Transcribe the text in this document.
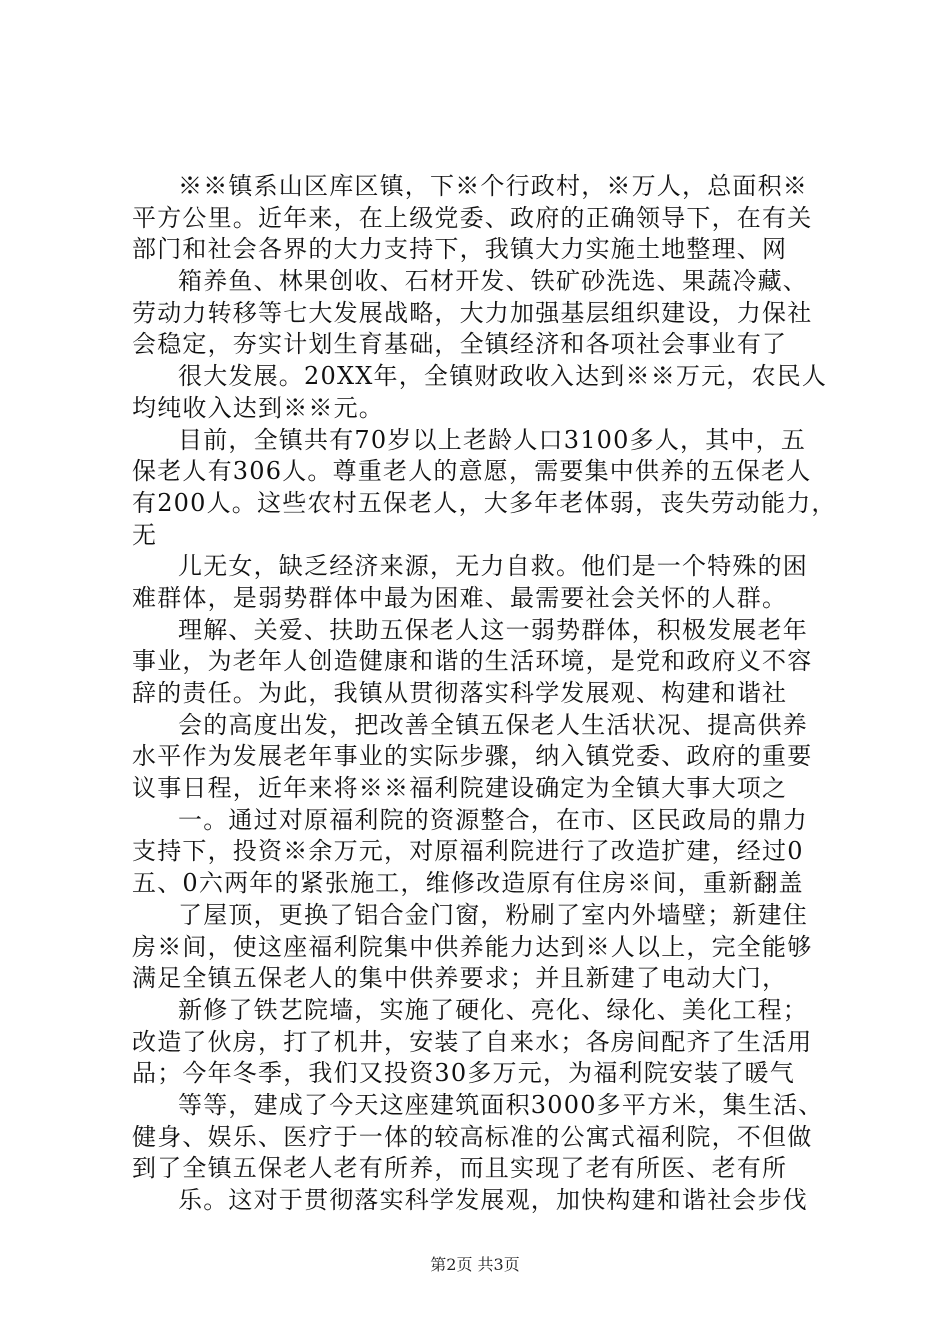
※※镇系山区库区镇，下※个行政村，※万人，总面积※
平方公里。近年来，在上级党委、政府的正确领导下，在有关
部门和社会各界的大力支持下，我镇大力实施土地整理、网
箱养鱼、林果创收、石材开发、铁矿砂洗选、果蔬冷藏、
劳动力转移等七大发展战略，大力加强基层组织建设，力保社
会稳定，夯实计划生育基础，全镇经济和各项社会事业有了
很大发展。20XX年，全镇财政收入达到※※万元，农民人
均纯收入达到※※元。
目前，全镇共有70岁以上老龄人口3100多人，其中，五
保老人有306人。尊重老人的意愿，需要集中供养的五保老人
有200人。这些农村五保老人，大多年老体弱，丧失劳动能力，
无
儿无女，缺乏经济来源，无力自救。他们是一个特殊的困
难群体，是弱势群体中最为困难、最需要社会关怀的人群。
理解、关爱、扶助五保老人这一弱势群体，积极发展老年
事业，为老年人创造健康和谐的生活环境，是党和政府义不容
辞的责任。为此，我镇从贯彻落实科学发展观、构建和谐社
会的高度出发，把改善全镇五保老人生活状况、提高供养
水平作为发展老年事业的实际步骤，纳入镇党委、政府的重要
议事日程，近年来将※※福利院建设确定为全镇大事大项之
一。通过对原福利院的资源整合，在市、区民政局的鼎力
支持下，投资※余万元，对原福利院进行了改造扩建，经过0
五、0六两年的紧张施工，维修改造原有住房※间，重新翻盖
了屋顶，更换了铝合金门窗，粉刷了室内外墙壁；新建住
房※间，使这座福利院集中供养能力达到※人以上，完全能够
满足全镇五保老人的集中供养要求；并且新建了电动大门，
新修了铁艺院墙，实施了硬化、亮化、绿化、美化工程；
改造了伙房，打了机井，安装了自来水；各房间配齐了生活用
品；今年冬季，我们又投资30多万元，为福利院安装了暖气
等等，建成了今天这座建筑面积3000多平方米，集生活、
健身、娱乐、医疗于一体的较高标准的公寓式福利院，不但做
到了全镇五保老人老有所养，而且实现了老有所医、老有所
乐。这对于贯彻落实科学发展观，加快构建和谐社会步伐
第2页 共3页
